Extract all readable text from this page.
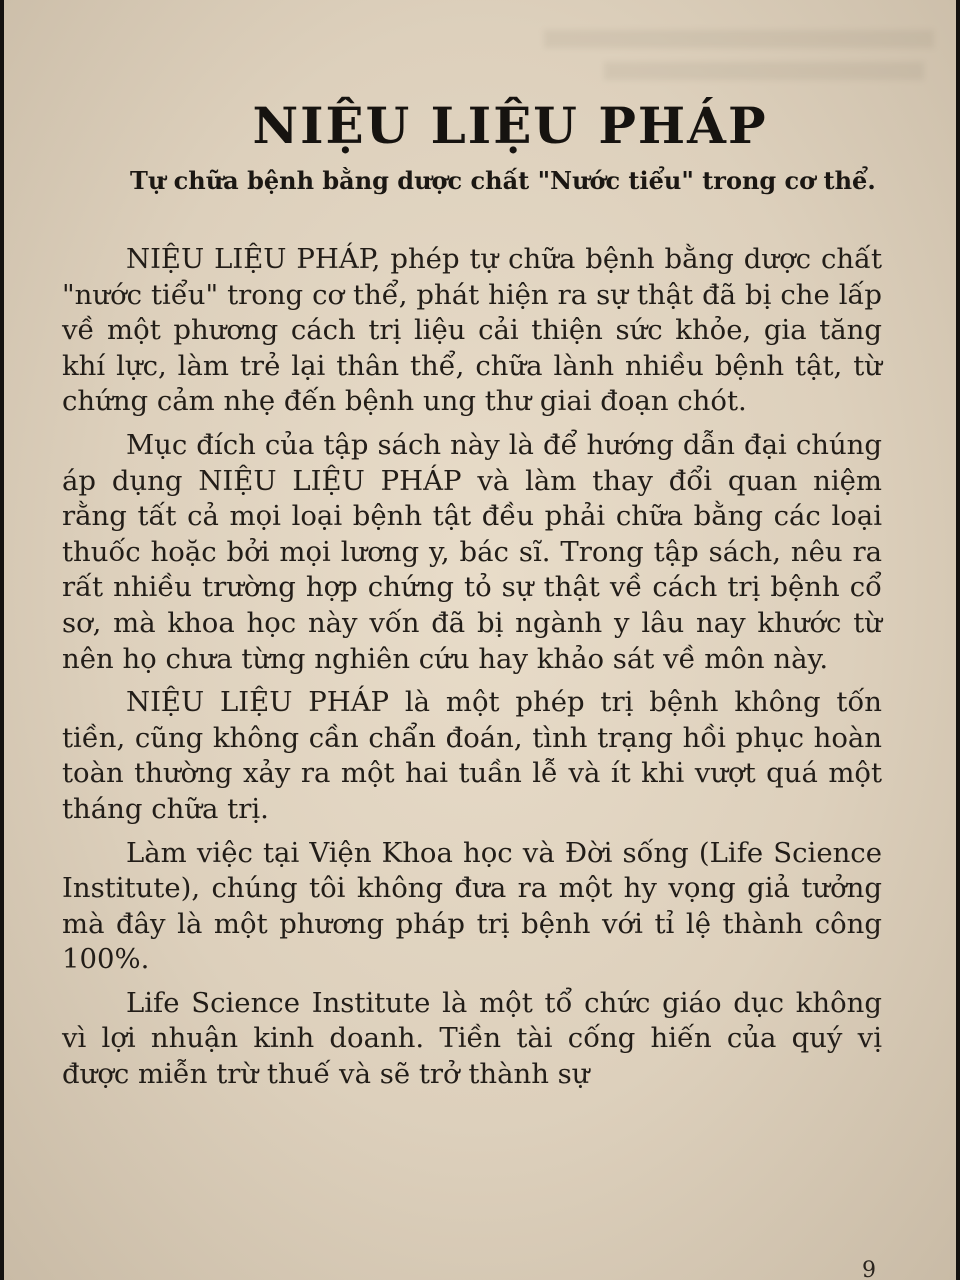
NIỆU LIỆU PHÁP

Tự chữa bệnh bằng dược chất "Nước tiểu" trong cơ thể.

NIỆU LIỆU PHÁP, phép tự chữa bệnh bằng dược chất "nước tiểu" trong cơ thể, phát hiện ra sự thật đã bị che lấp về một phương cách trị liệu cải thiện sức khỏe, gia tăng khí lực, làm trẻ lại thân thể, chữa lành nhiều bệnh tật, từ chứng cảm nhẹ đến bệnh ung thư giai đoạn chót.

Mục đích của tập sách này là để hướng dẫn đại chúng áp dụng NIỆU LIỆU PHÁP và làm thay đổi quan niệm rằng tất cả mọi loại bệnh tật đều phải chữa bằng các loại thuốc hoặc bởi mọi lương y, bác sĩ. Trong tập sách, nêu ra rất nhiều trường hợp chứng tỏ sự thật về cách trị bệnh cổ sơ, mà khoa học này vốn đã bị ngành y lâu nay khước từ nên họ chưa từng nghiên cứu hay khảo sát về môn này.

NIỆU LIỆU PHÁP là một phép trị bệnh không tốn tiền, cũng không cần chẩn đoán, tình trạng hồi phục hoàn toàn thường xảy ra một hai tuần lễ và ít khi vượt quá một tháng chữa trị.

Làm việc tại Viện Khoa học và Đời sống (Life Science Institute), chúng tôi không đưa ra một hy vọng giả tưởng mà đây là một phương pháp trị bệnh với tỉ lệ thành công 100%.

Life Science Institute là một tổ chức giáo dục không vì lợi nhuận kinh doanh. Tiền tài cống hiến của quý vị được miễn trừ thuế và sẽ trở thành sự

9
